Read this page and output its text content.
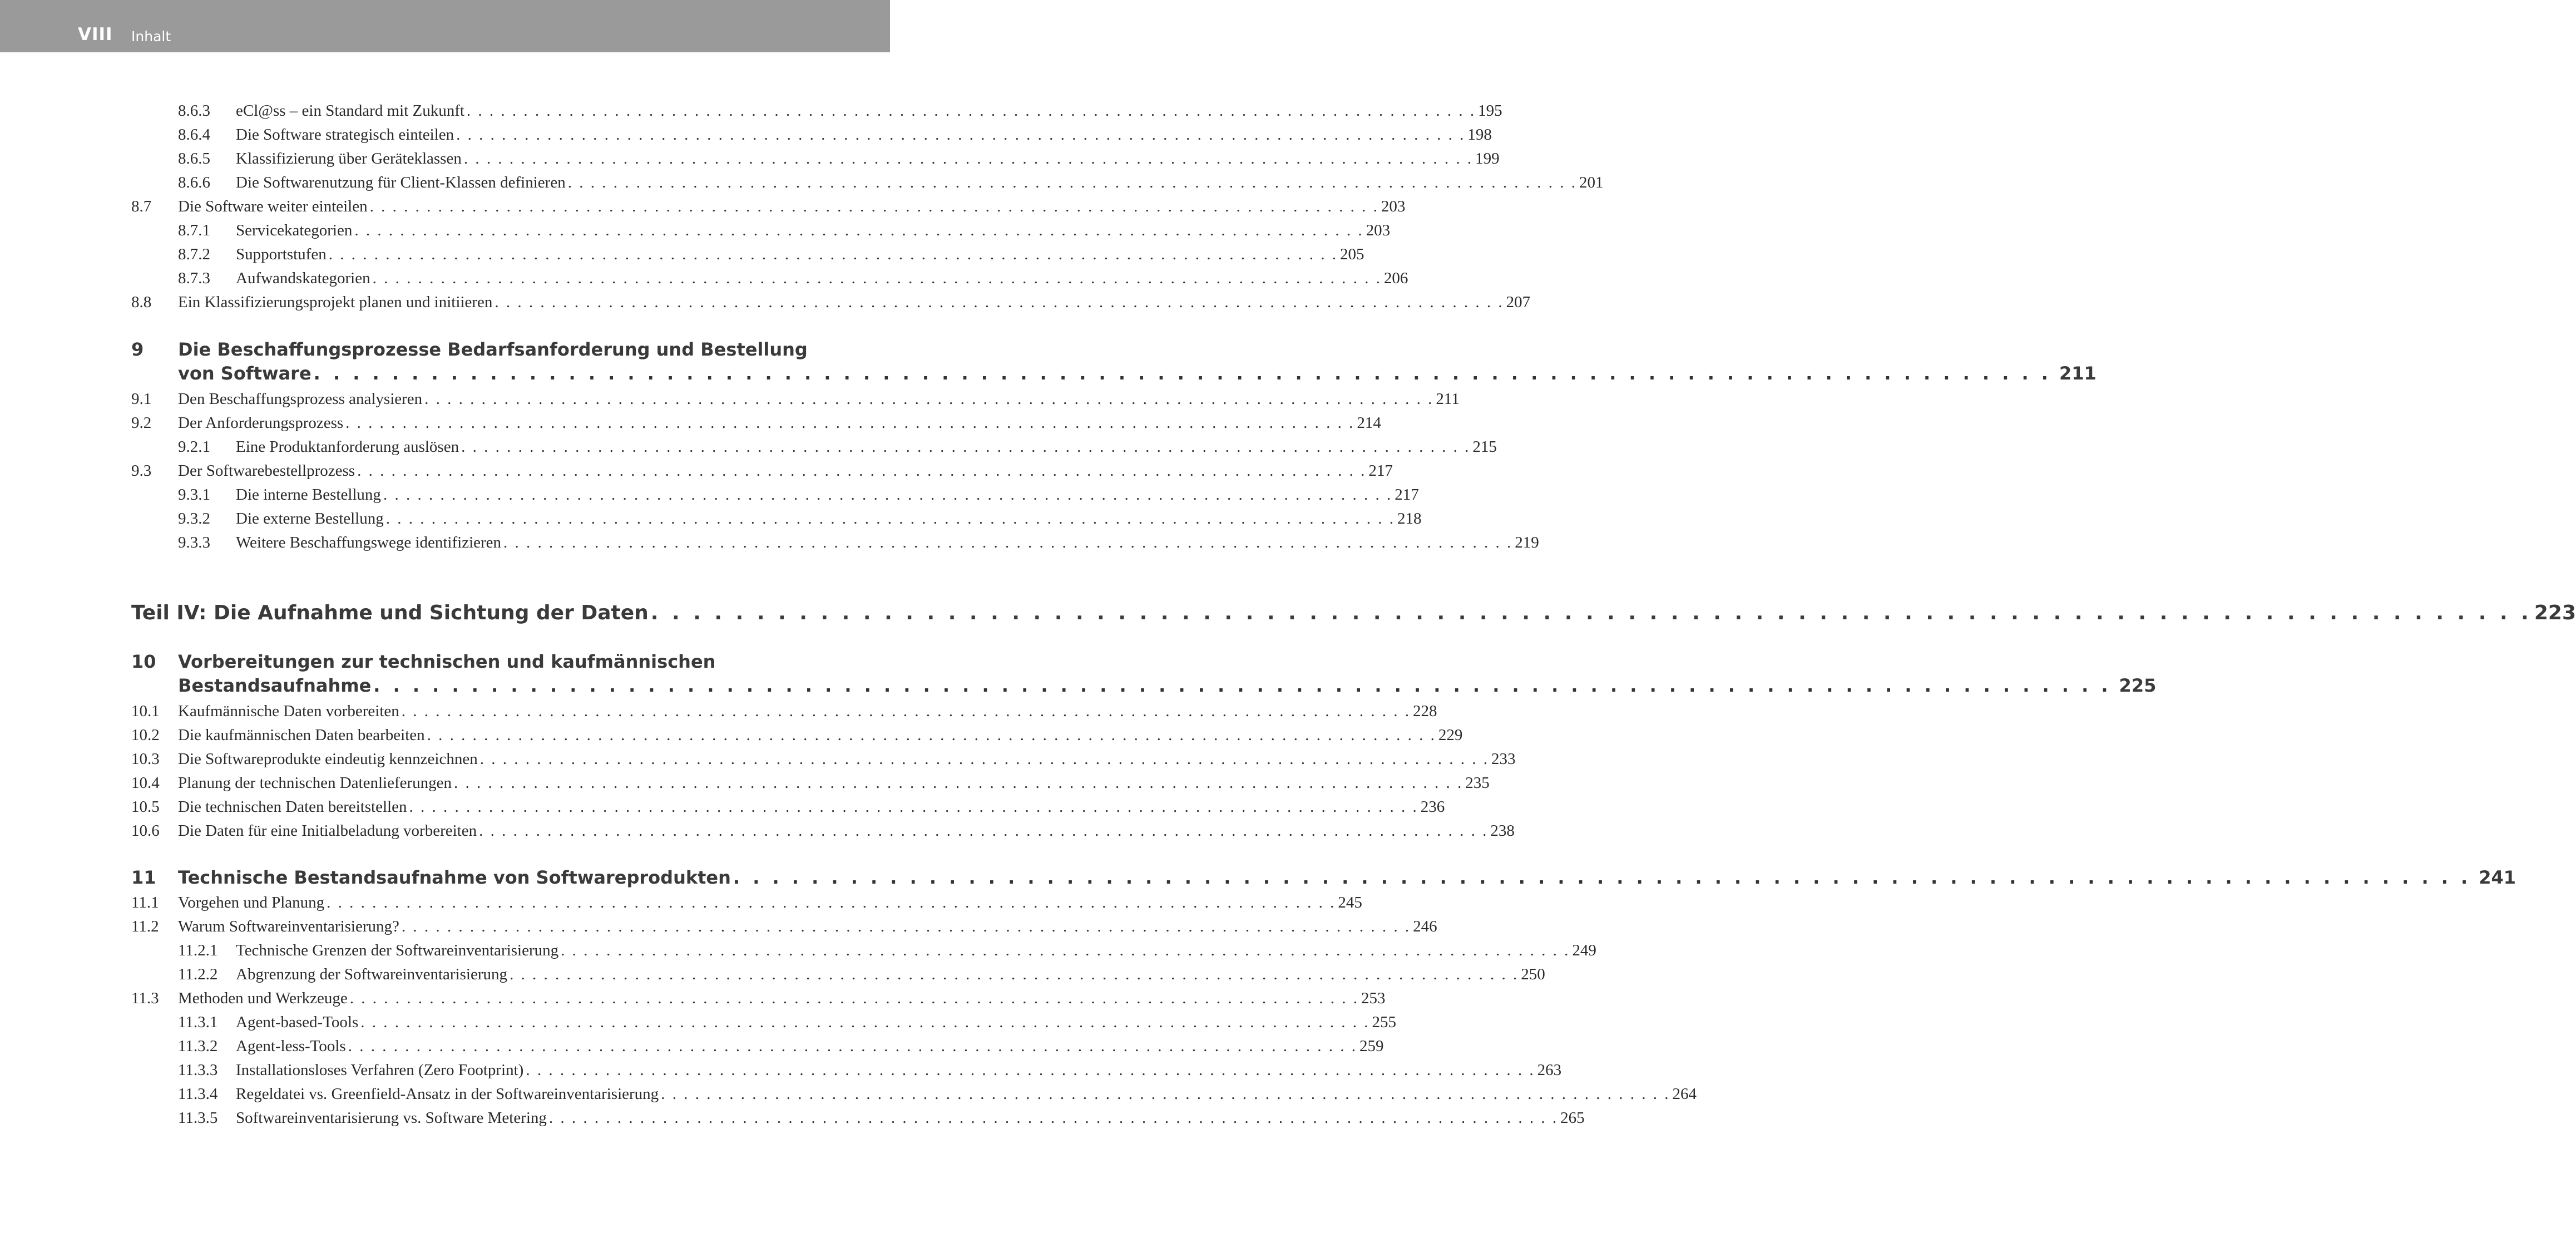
VIII Inhalt
8.6.3 eCl@ss – ein Standard mit Zukunft . . . . . . . . . . . . . . . . . . . . . . . . . . . . . . . . . . . . . . . . . . . . . . . . . . . . . . . . . . . . . . . . . . . . . . . . . . . . . . . . . . . . . . . . . 195
8.6.4 Die Software strategisch einteilen . . . . . . . . . . . . . . . . . . . . . . . . . . . . . . . . . . . . . . . . . . . . . . . . . . . . . . . . . . . . . . . . . . . . . . . . . . . . . . . . . . . . . . . . . 198
8.6.5 Klassifizierung über Geräteklassen . . . . . . . . . . . . . . . . . . . . . . . . . . . . . . . . . . . . . . . . . . . . . . . . . . . . . . . . . . . . . . . . . . . . . . . . . . . . . . . . . . . . . . . . . 199
8.6.6 Die Softwarenutzung für Client-Klassen definieren . . . . . . . . . . . . . . . . . . . . . . . . . . . . . . . . . . . . . . . . . . . . . . . . . . . . . . . . . . . . . . . . . . . . . . . . . . . . . . . . . . . . . . . . . 201
8.7 Die Software weiter einteilen . . . . . . . . . . . . . . . . . . . . . . . . . . . . . . . . . . . . . . . . . . . . . . . . . . . . . . . . . . . . . . . . . . . . . . . . . . . . . . . . . . . . . . . . . 203
8.7.1 Servicekategorien . . . . . . . . . . . . . . . . . . . . . . . . . . . . . . . . . . . . . . . . . . . . . . . . . . . . . . . . . . . . . . . . . . . . . . . . . . . . . . . . . . . . . . . . . 203
8.7.2 Supportstufen . . . . . . . . . . . . . . . . . . . . . . . . . . . . . . . . . . . . . . . . . . . . . . . . . . . . . . . . . . . . . . . . . . . . . . . . . . . . . . . . . . . . . . . . . 205
8.7.3 Aufwandskategorien . . . . . . . . . . . . . . . . . . . . . . . . . . . . . . . . . . . . . . . . . . . . . . . . . . . . . . . . . . . . . . . . . . . . . . . . . . . . . . . . . . . . . . . . . 206
8.8 Ein Klassifizierungsprojekt planen und initiieren . . . . . . . . . . . . . . . . . . . . . . . . . . . . . . . . . . . . . . . . . . . . . . . . . . . . . . . . . . . . . . . . . . . . . . . . . . . . . . . . . . . . . . . . . 207
9 Die Beschaffungsprozesse Bedarfsanforderung und Bestellung
von Software . . . . . . . . . . . . . . . . . . . . . . . . . . . . . . . . . . . . . . . . . . . . . . . . . . . . . . . . . . . . . . . . . . . . . . . . . . . . . . . . . . . . . . . . . 211
9.1 Den Beschaffungsprozess analysieren . . . . . . . . . . . . . . . . . . . . . . . . . . . . . . . . . . . . . . . . . . . . . . . . . . . . . . . . . . . . . . . . . . . . . . . . . . . . . . . . . . . . . . . . . 211
9.2 Der Anforderungsprozess . . . . . . . . . . . . . . . . . . . . . . . . . . . . . . . . . . . . . . . . . . . . . . . . . . . . . . . . . . . . . . . . . . . . . . . . . . . . . . . . . . . . . . . . . 214
9.2.1 Eine Produktanforderung auslösen . . . . . . . . . . . . . . . . . . . . . . . . . . . . . . . . . . . . . . . . . . . . . . . . . . . . . . . . . . . . . . . . . . . . . . . . . . . . . . . . . . . . . . . . . 215
9.3 Der Softwarebestellprozess . . . . . . . . . . . . . . . . . . . . . . . . . . . . . . . . . . . . . . . . . . . . . . . . . . . . . . . . . . . . . . . . . . . . . . . . . . . . . . . . . . . . . . . . . 217
9.3.1 Die interne Bestellung . . . . . . . . . . . . . . . . . . . . . . . . . . . . . . . . . . . . . . . . . . . . . . . . . . . . . . . . . . . . . . . . . . . . . . . . . . . . . . . . . . . . . . . . . 217
9.3.2 Die externe Bestellung . . . . . . . . . . . . . . . . . . . . . . . . . . . . . . . . . . . . . . . . . . . . . . . . . . . . . . . . . . . . . . . . . . . . . . . . . . . . . . . . . . . . . . . . . 218
9.3.3 Weitere Beschaffungswege identifizieren . . . . . . . . . . . . . . . . . . . . . . . . . . . . . . . . . . . . . . . . . . . . . . . . . . . . . . . . . . . . . . . . . . . . . . . . . . . . . . . . . . . . . . . . . 219
Teil IV: Die Aufnahme und Sichtung der Daten . . . . . . . . . . . . . . . . . . . . . . . . . . . . . . . . . . . . . . . . . . . . . . . . . . . . . . . . . . . . . . . . . . . . . . . . . . . . . . . . . . . . . . . . . 223
10 Vorbereitungen zur technischen und kaufmännischen
Bestandsaufnahme . . . . . . . . . . . . . . . . . . . . . . . . . . . . . . . . . . . . . . . . . . . . . . . . . . . . . . . . . . . . . . . . . . . . . . . . . . . . . . . . . . . . . . . . . 225
10.1 Kaufmännische Daten vorbereiten . . . . . . . . . . . . . . . . . . . . . . . . . . . . . . . . . . . . . . . . . . . . . . . . . . . . . . . . . . . . . . . . . . . . . . . . . . . . . . . . . . . . . . . . . 228
10.2 Die kaufmännischen Daten bearbeiten . . . . . . . . . . . . . . . . . . . . . . . . . . . . . . . . . . . . . . . . . . . . . . . . . . . . . . . . . . . . . . . . . . . . . . . . . . . . . . . . . . . . . . . . . 229
10.3 Die Softwareprodukte eindeutig kennzeichnen . . . . . . . . . . . . . . . . . . . . . . . . . . . . . . . . . . . . . . . . . . . . . . . . . . . . . . . . . . . . . . . . . . . . . . . . . . . . . . . . . . . . . . . . . 233
10.4 Planung der technischen Datenlieferungen . . . . . . . . . . . . . . . . . . . . . . . . . . . . . . . . . . . . . . . . . . . . . . . . . . . . . . . . . . . . . . . . . . . . . . . . . . . . . . . . . . . . . . . . . 235
10.5 Die technischen Daten bereitstellen . . . . . . . . . . . . . . . . . . . . . . . . . . . . . . . . . . . . . . . . . . . . . . . . . . . . . . . . . . . . . . . . . . . . . . . . . . . . . . . . . . . . . . . . . 236
10.6 Die Daten für eine Initialbeladung vorbereiten . . . . . . . . . . . . . . . . . . . . . . . . . . . . . . . . . . . . . . . . . . . . . . . . . . . . . . . . . . . . . . . . . . . . . . . . . . . . . . . . . . . . . . . . . 238
11 Technische Bestandsaufnahme von Softwareprodukten . . . . . . . . . . . . . . . . . . . . . . . . . . . . . . . . . . . . . . . . . . . . . . . . . . . . . . . . . . . . . . . . . . . . . . . . . . . . . . . . . . . . . . . . . 241
11.1 Vorgehen und Planung . . . . . . . . . . . . . . . . . . . . . . . . . . . . . . . . . . . . . . . . . . . . . . . . . . . . . . . . . . . . . . . . . . . . . . . . . . . . . . . . . . . . . . . . . 245
11.2 Warum Softwareinventarisierung? . . . . . . . . . . . . . . . . . . . . . . . . . . . . . . . . . . . . . . . . . . . . . . . . . . . . . . . . . . . . . . . . . . . . . . . . . . . . . . . . . . . . . . . . . 246
11.2.1 Technische Grenzen der Softwareinventarisierung . . . . . . . . . . . . . . . . . . . . . . . . . . . . . . . . . . . . . . . . . . . . . . . . . . . . . . . . . . . . . . . . . . . . . . . . . . . . . . . . . . . . . . . . . 249
11.2.2 Abgrenzung der Softwareinventarisierung . . . . . . . . . . . . . . . . . . . . . . . . . . . . . . . . . . . . . . . . . . . . . . . . . . . . . . . . . . . . . . . . . . . . . . . . . . . . . . . . . . . . . . . . . 250
11.3 Methoden und Werkzeuge . . . . . . . . . . . . . . . . . . . . . . . . . . . . . . . . . . . . . . . . . . . . . . . . . . . . . . . . . . . . . . . . . . . . . . . . . . . . . . . . . . . . . . . . . 253
11.3.1 Agent-based-Tools . . . . . . . . . . . . . . . . . . . . . . . . . . . . . . . . . . . . . . . . . . . . . . . . . . . . . . . . . . . . . . . . . . . . . . . . . . . . . . . . . . . . . . . . . 255
11.3.2 Agent-less-Tools . . . . . . . . . . . . . . . . . . . . . . . . . . . . . . . . . . . . . . . . . . . . . . . . . . . . . . . . . . . . . . . . . . . . . . . . . . . . . . . . . . . . . . . . . 259
11.3.3 Installationsloses Verfahren (Zero Footprint) . . . . . . . . . . . . . . . . . . . . . . . . . . . . . . . . . . . . . . . . . . . . . . . . . . . . . . . . . . . . . . . . . . . . . . . . . . . . . . . . . . . . . . . . . 263
11.3.4 Regeldatei vs. Greenfield-Ansatz in der Softwareinventarisierung . . . . . . . . . . . . . . . . . . . . . . . . . . . . . . . . . . . . . . . . . . . . . . . . . . . . . . . . . . . . . . . . . . . . . . . . . . . . . . . . . . . . . . . . . 264
11.3.5 Softwareinventarisierung vs. Software Metering . . . . . . . . . . . . . . . . . . . . . . . . . . . . . . . . . . . . . . . . . . . . . . . . . . . . . . . . . . . . . . . . . . . . . . . . . . . . . . . . . . . . . . . . . 265
